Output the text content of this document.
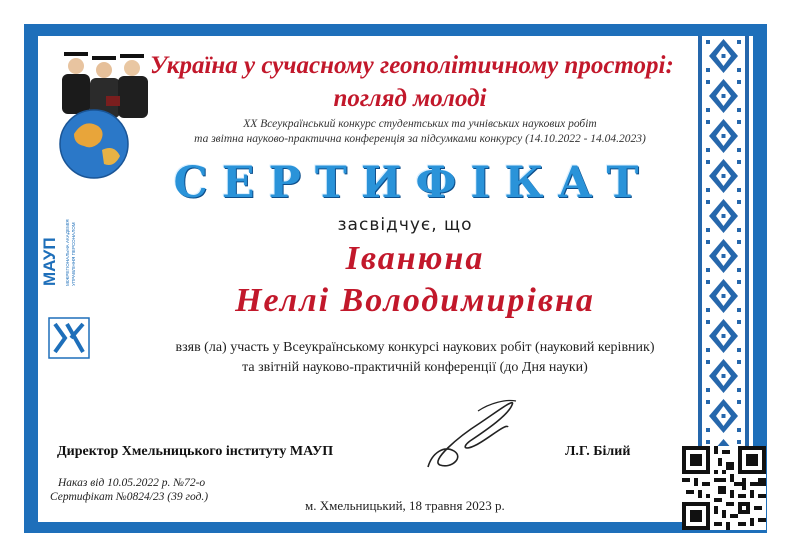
Україна у сучасному геополітичному просторі:
погляд молоді
XX Всеукраїнський конкурс студентських та учнівських наукових робіт
та звітна науково-практична конференція за підсумками конкурсу (14.10.2022 - 14.04.2023)
СЕРТИФІКАТ
засвідчує, що
Іванюна
Неллі Володимирівна
взяв (ла) участь у Всеукраїнському конкурсі наукових робіт (науковий керівник)
та звітній науково-практичній конференції (до Дня науки)
МАУП МІЖРЕГІОНАЛЬНА АКАДЕМІЯ УПРАВЛІННЯ ПЕРСОНАЛОМ
Директор Хмельницького інституту МАУП	Л.Г. Білий
Наказ від 10.05.2022 р. №72-о
Сертифікат №0824/23 (39 год.)
м. Хмельницький, 18 травня 2023 р.
